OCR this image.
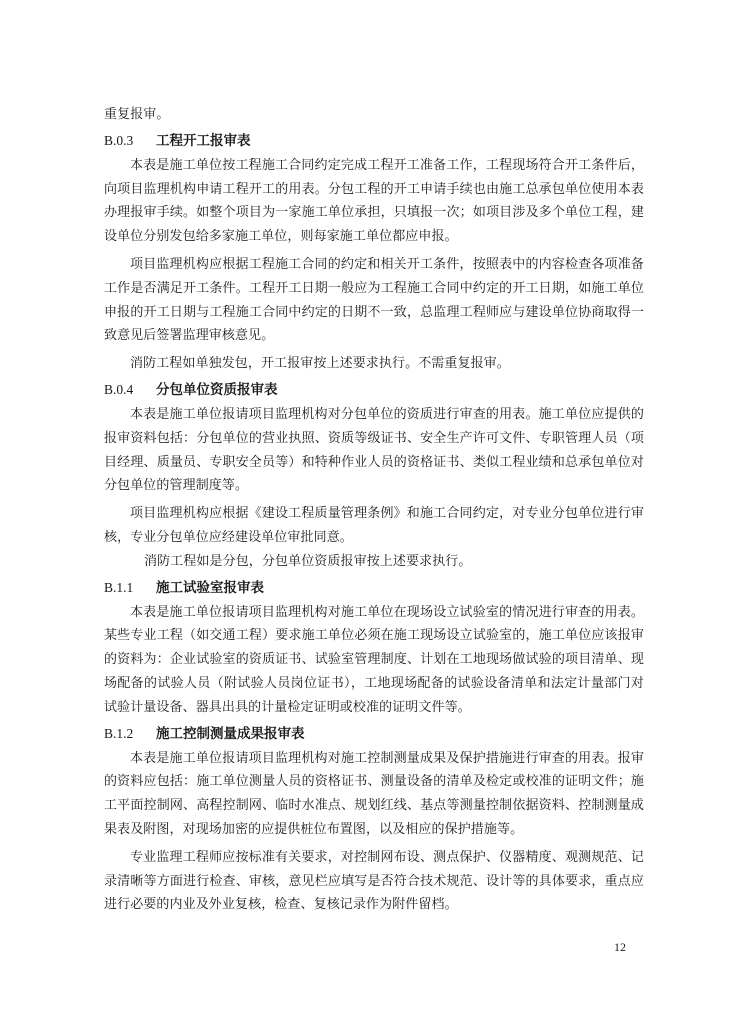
重复报审。

B.0.3 工程开工报审表

本表是施工单位按工程施工合同约定完成工程开工准备工作，工程现场符合开工条件后，向项目监理机构申请工程开工的用表。分包工程的开工申请手续也由施工总承包单位使用本表办理报审手续。如整个项目为一家施工单位承担，只填报一次；如项目涉及多个单位工程，建设单位分别发包给多家施工单位，则每家施工单位都应申报。

项目监理机构应根据工程施工合同的约定和相关开工条件，按照表中的内容检查各项准备工作是否满足开工条件。工程开工日期一般应为工程施工合同中约定的开工日期，如施工单位申报的开工日期与工程施工合同中约定的日期不一致，总监理工程师应与建设单位协商取得一致意见后签署监理审核意见。

消防工程如单独发包，开工报审按上述要求执行。不需重复报审。

B.0.4 分包单位资质报审表

本表是施工单位报请项目监理机构对分包单位的资质进行审查的用表。施工单位应提供的报审资料包括：分包单位的营业执照、资质等级证书、安全生产许可文件、专职管理人员（项目经理、质量员、专职安全员等）和特种作业人员的资格证书、类似工程业绩和总承包单位对分包单位的管理制度等。

项目监理机构应根据《建设工程质量管理条例》和施工合同约定，对专业分包单位进行审核，专业分包单位应经建设单位审批同意。

消防工程如是分包，分包单位资质报审按上述要求执行。

B.1.1 施工试验室报审表

本表是施工单位报请项目监理机构对施工单位在现场设立试验室的情况进行审查的用表。某些专业工程（如交通工程）要求施工单位必须在施工现场设立试验室的，施工单位应该报审的资料为：企业试验室的资质证书、试验室管理制度、计划在工地现场做试验的项目清单、现场配备的试验人员（附试验人员岗位证书），工地现场配备的试验设备清单和法定计量部门对试验计量设备、器具出具的计量检定证明或校准的证明文件等。

B.1.2 施工控制测量成果报审表

本表是施工单位报请项目监理机构对施工控制测量成果及保护措施进行审查的用表。报审的资料应包括：施工单位测量人员的资格证书、测量设备的清单及检定或校准的证明文件；施工平面控制网、高程控制网、临时水准点、规划红线、基点等测量控制依据资料、控制测量成果表及附图，对现场加密的应提供桩位布置图，以及相应的保护措施等。

专业监理工程师应按标准有关要求，对控制网布设、测点保护、仪器精度、观测规范、记录清晰等方面进行检查、审核，意见栏应填写是否符合技术规范、设计等的具体要求，重点应进行必要的内业及外业复核，检查、复核记录作为附件留档。

12
